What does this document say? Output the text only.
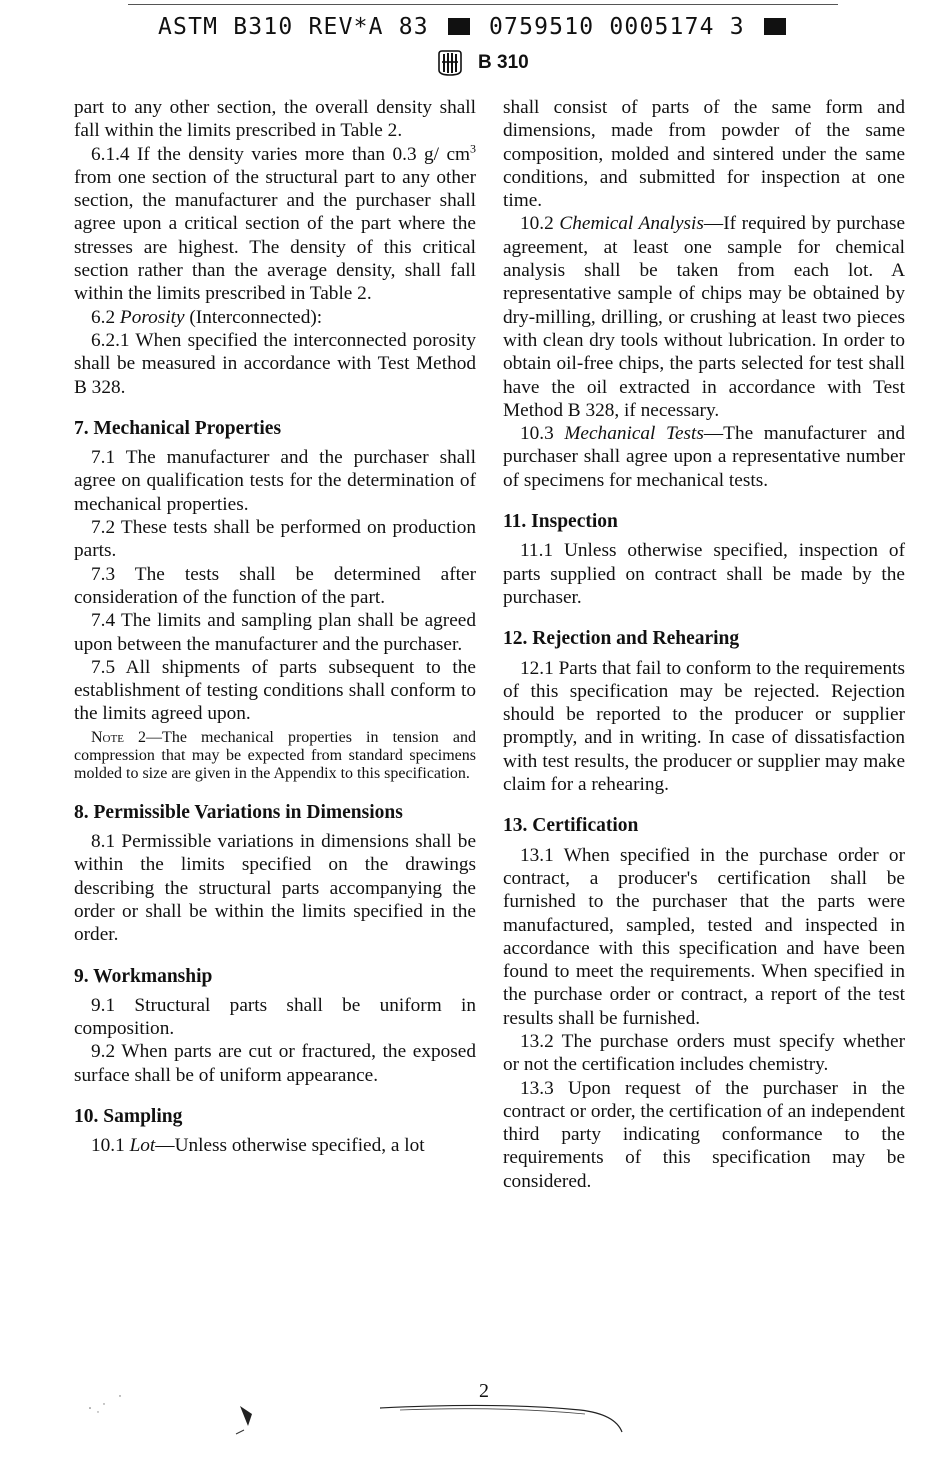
ASTM B310 REV*A 83	0759510 0005174 3
B 310

part to any other section, the overall density shall fall within the limits prescribed in Table 2.

6.1.4 If the density varies more than 0.3 g/ $cm^3$ from one section of the structural part to any other section, the manufacturer and the purchaser shall agree upon a critical section of the part where the stresses are highest. The density of this critical section rather than the average density, shall fall within the limits prescribed in Table 2.

6.2 Porosity (Interconnected):

6.2.1 When specified the interconnected porosity shall be measured in accordance with Test Method B 328.

7. Mechanical Properties

7.1 The manufacturer and the purchaser shall agree on qualification tests for the determination of mechanical properties.

7.2 These tests shall be performed on production parts.

7.3 The tests shall be determined after consideration of the function of the part.

7.4 The limits and sampling plan shall be agreed upon between the manufacturer and the purchaser.

7.5 All shipments of parts subsequent to the establishment of testing conditions shall conform to the limits agreed upon.

Note 2—The mechanical properties in tension and compression that may be expected from standard specimens molded to size are given in the Appendix to this specification.

8. Permissible Variations in Dimensions

8.1 Permissible variations in dimensions shall be within the limits specified on the drawings describing the structural parts accompanying the order or shall be within the limits specified in the order.

9. Workmanship

9.1 Structural parts shall be uniform in composition.

9.2 When parts are cut or fractured, the exposed surface shall be of uniform appearance.

10. Sampling

10.1 Lot—Unless otherwise specified, a lot

shall consist of parts of the same form and dimensions, made from powder of the same composition, molded and sintered under the same conditions, and submitted for inspection at one time.

10.2 Chemical Analysis—If required by purchase agreement, at least one sample for chemical analysis shall be taken from each lot. A representative sample of chips may be obtained by dry-milling, drilling, or crushing at least two pieces with clean dry tools without lubrication. In order to obtain oil-free chips, the parts selected for test shall have the oil extracted in accordance with Test Method B 328, if necessary.

10.3 Mechanical Tests—The manufacturer and purchaser shall agree upon a representative number of specimens for mechanical tests.

11. Inspection

11.1 Unless otherwise specified, inspection of parts supplied on contract shall be made by the purchaser.

12. Rejection and Rehearing

12.1 Parts that fail to conform to the requirements of this specification may be rejected. Rejection should be reported to the producer or supplier promptly, and in writing. In case of dissatisfaction with test results, the producer or supplier may make claim for a rehearing.

13. Certification

13.1 When specified in the purchase order or contract, a producer's certification shall be furnished to the purchaser that the parts were manufactured, sampled, tested and inspected in accordance with this specification and have been found to meet the requirements. When specified in the purchase order or contract, a report of the test results shall be furnished.

13.2 The purchase orders must specify whether or not the certification includes chemistry.

13.3 Upon request of the purchaser in the contract or order, the certification of an independent third party indicating conformance to the requirements of this specification may be considered.

2
